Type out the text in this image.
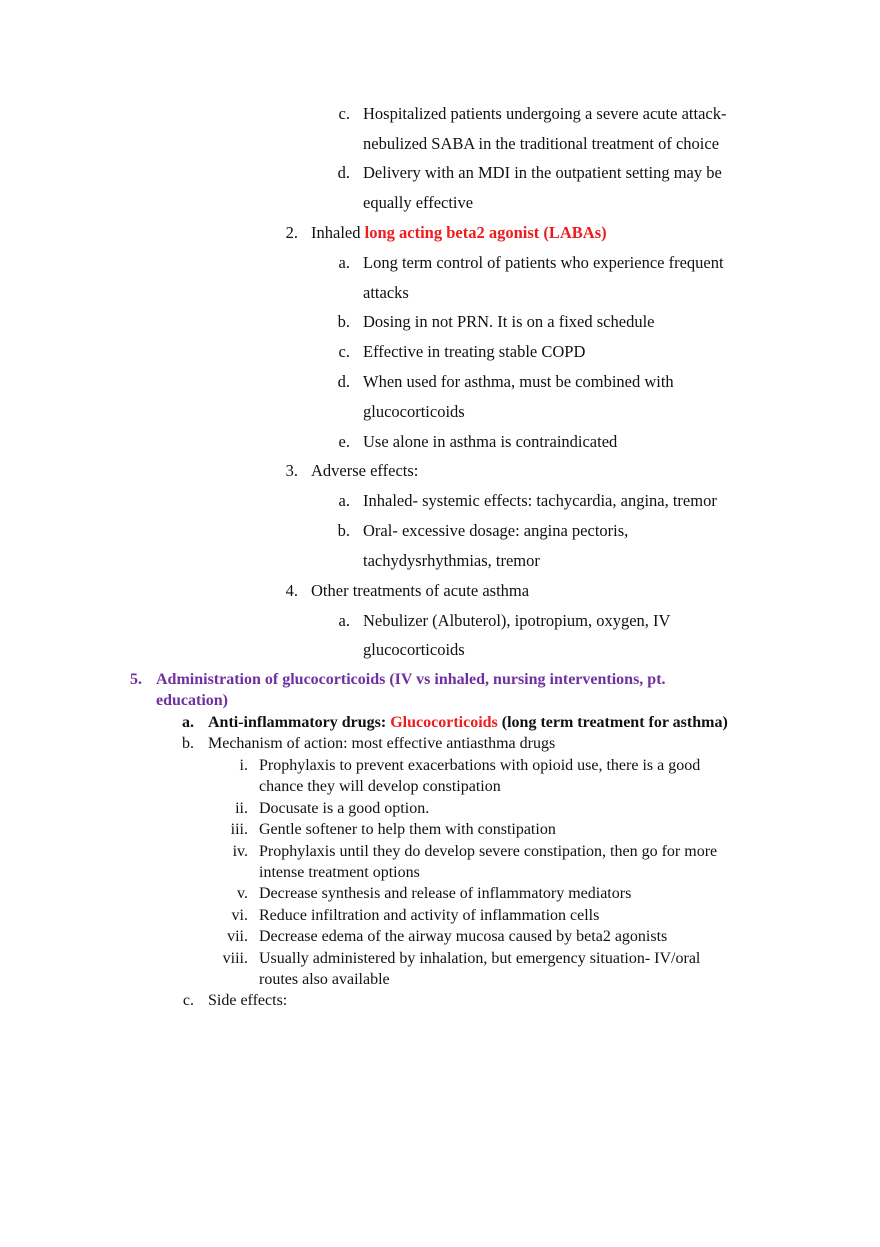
c. Hospitalized patients undergoing a severe acute attack-
nebulized SABA in the traditional treatment of choice
d. Delivery with an MDI in the outpatient setting may be
equally effective
2. Inhaled long acting beta2 agonist (LABAs)
a. Long term control of patients who experience frequent
attacks
b. Dosing in not PRN. It is on a fixed schedule
c. Effective in treating stable COPD
d. When used for asthma, must be combined with
glucocorticoids
e. Use alone in asthma is contraindicated
3. Adverse effects:
a. Inhaled- systemic effects: tachycardia, angina, tremor
b. Oral- excessive dosage: angina pectoris,
tachydysrhythmias, tremor
4. Other treatments of acute asthma
a. Nebulizer (Albuterol), ipotropium, oxygen, IV
glucocorticoids
5. Administration of glucocorticoids (IV vs inhaled, nursing interventions, pt.
education)
a. Anti-inflammatory drugs: Glucocorticoids (long term treatment for asthma)
b. Mechanism of action: most effective antiasthma drugs
i. Prophylaxis to prevent exacerbations with opioid use, there is a good
chance they will develop constipation
ii. Docusate is a good option.
iii. Gentle softener to help them with constipation
iv. Prophylaxis until they do develop severe constipation, then go for more
intense treatment options
v. Decrease synthesis and release of inflammatory mediators
vi. Reduce infiltration and activity of inflammation cells
vii. Decrease edema of the airway mucosa caused by beta2 agonists
viii. Usually administered by inhalation, but emergency situation- IV/oral
routes also available
c. Side effects:
